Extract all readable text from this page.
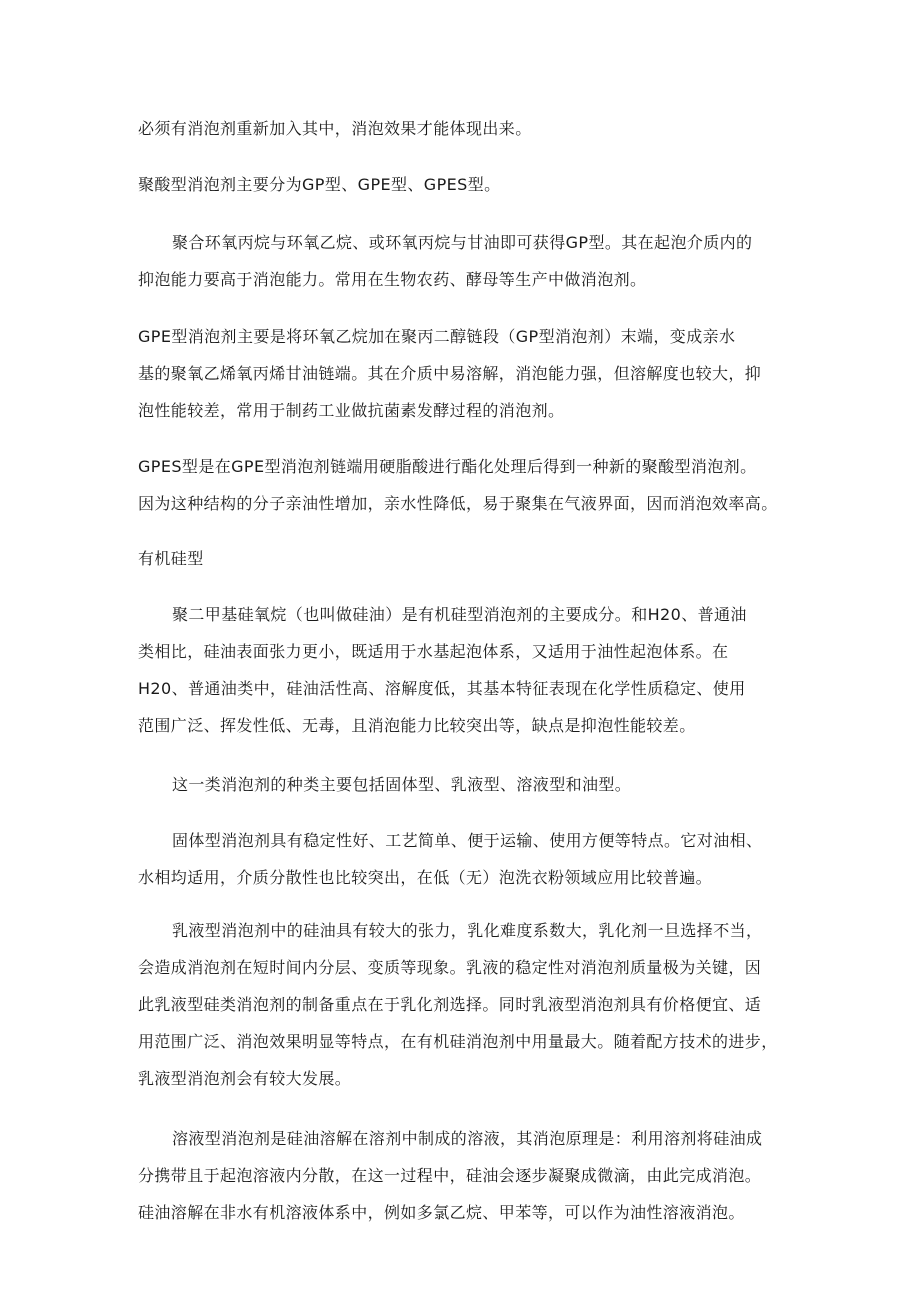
必须有消泡剂重新加入其中，消泡效果才能体现出来。

聚酸型消泡剂主要分为GP型、GPE型、GPES型。

聚合环氧丙烷与环氧乙烷、或环氧丙烷与甘油即可获得GP型。其在起泡介质内的
抑泡能力要高于消泡能力。常用在生物农药、酵母等生产中做消泡剂。

GPE型消泡剂主要是将环氧乙烷加在聚丙二醇链段（GP型消泡剂）末端，变成亲水
基的聚氧乙烯氧丙烯甘油链端。其在介质中易溶解，消泡能力强，但溶解度也较大，抑
泡性能较差，常用于制药工业做抗菌素发酵过程的消泡剂。

GPES型是在GPE型消泡剂链端用硬脂酸进行酯化处理后得到一种新的聚酸型消泡剂。
因为这种结构的分子亲油性增加，亲水性降低，易于聚集在气液界面，因而消泡效率高。

有机硅型

聚二甲基硅氧烷（也叫做硅油）是有机硅型消泡剂的主要成分。和H20、普通油
类相比，硅油表面张力更小，既适用于水基起泡体系，又适用于油性起泡体系。在
H20、普通油类中，硅油活性高、溶解度低，其基本特征表现在化学性质稳定、使用
范围广泛、挥发性低、无毒，且消泡能力比较突出等，缺点是抑泡性能较差。

这一类消泡剂的种类主要包括固体型、乳液型、溶液型和油型。

固体型消泡剂具有稳定性好、工艺简单、便于运输、使用方便等特点。它对油相、
水相均适用，介质分散性也比较突出，在低（无）泡洗衣粉领域应用比较普遍。

乳液型消泡剂中的硅油具有较大的张力，乳化难度系数大，乳化剂一旦选择不当，
会造成消泡剂在短时间内分层、变质等现象。乳液的稳定性对消泡剂质量极为关键，因
此乳液型硅类消泡剂的制备重点在于乳化剂选择。同时乳液型消泡剂具有价格便宜、适
用范围广泛、消泡效果明显等特点，在有机硅消泡剂中用量最大。随着配方技术的进步，
乳液型消泡剂会有较大发展。

溶液型消泡剂是硅油溶解在溶剂中制成的溶液，其消泡原理是：利用溶剂将硅油成
分携带且于起泡溶液内分散，在这一过程中，硅油会逐步凝聚成微滴，由此完成消泡。
硅油溶解在非水有机溶液体系中，例如多氯乙烷、甲苯等，可以作为油性溶液消泡。
